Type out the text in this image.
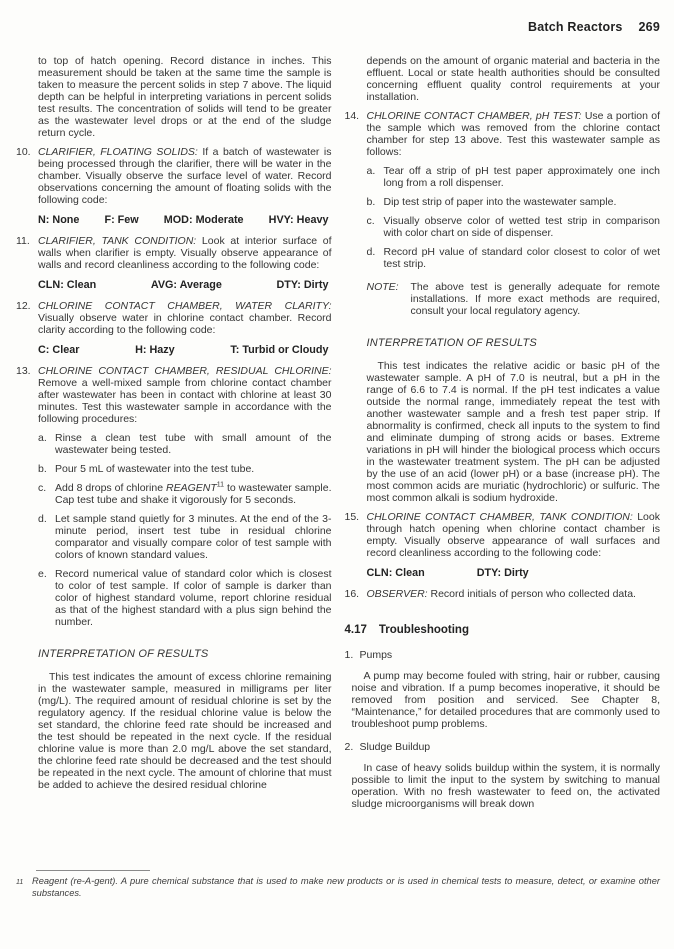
Batch Reactors 269
to top of hatch opening. Record distance in inches. This measurement should be taken at the same time the sample is taken to measure the percent solids in step 7 above. The liquid depth can be helpful in interpreting variations in percent solids test results. The concentration of solids will tend to be greater as the wastewater level drops or at the end of the sludge return cycle.
10. CLARIFIER, FLOATING SOLIDS: If a batch of wastewater is being processed through the clarifier, there will be water in the chamber. Visually observe the surface level of water. Record observations concerning the amount of floating solids with the following code:
N: None F: Few MOD: Moderate HVY: Heavy
11. CLARIFIER, TANK CONDITION: Look at interior surface of walls when clarifier is empty. Visually observe appearance of walls and record cleanliness according to the following code:
CLN: Clean	AVG: Average	DTY: Dirty
12. CHLORINE CONTACT CHAMBER, WATER CLARITY: Visually observe water in chlorine contact chamber. Record clarity according to the following code:
C: Clear	H: Hazy	T: Turbid or Cloudy
13. CHLORINE CONTACT CHAMBER, RESIDUAL CHLORINE: Remove a well-mixed sample from chlorine contact chamber after wastewater has been in contact with chlorine at least 30 minutes. Test this wastewater sample in accordance with the following procedures:
a. Rinse a clean test tube with small amount of the wastewater being tested.
b. Pour 5 mL of wastewater into the test tube.
c. Add 8 drops of chlorine REAGENT$^{11}$ to wastewater sample. Cap test tube and shake it vigorously for 5 seconds.
d. Let sample stand quietly for 3 minutes. At the end of the 3-minute period, insert test tube in residual chlorine comparator and visually compare color of test sample with colors of known standard values.
e. Record numerical value of standard color which is closest to color of test sample. If color of sample is darker than color of highest standard volume, report chlorine residual as that of the highest standard with a plus sign behind the number.
INTERPRETATION OF RESULTS
This test indicates the amount of excess chlorine remaining in the wastewater sample, measured in milligrams per liter (mg/L). The required amount of residual chlorine is set by the regulatory agency. If the residual chlorine value is below the set standard, the chlorine feed rate should be increased and the test should be repeated in the next cycle. If the residual chlorine value is more than 2.0 mg/L above the set standard, the chlorine feed rate should be decreased and the test should be repeated in the next cycle. The amount of chlorine that must be added to achieve the desired residual chlorine
depends on the amount of organic material and bacteria in the effluent. Local or state health authorities should be consulted concerning effluent quality control requirements at your installation.
14. CHLORINE CONTACT CHAMBER, pH TEST: Use a portion of the sample which was removed from the chlorine contact chamber for step 13 above. Test this wastewater sample as follows:
a. Tear off a strip of pH test paper approximately one inch long from a roll dispenser.
b. Dip test strip of paper into the wastewater sample.
c. Visually observe color of wetted test strip in comparison with color chart on side of dispenser.
d. Record pH value of standard color closest to color of wet test strip.
NOTE:	The above test is generally adequate for remote installations. If more exact methods are required, consult your local regulatory agency.
INTERPRETATION OF RESULTS
This test indicates the relative acidic or basic pH of the wastewater sample. A pH of 7.0 is neutral, but a pH in the range of 6.6 to 7.4 is normal. If the pH test indicates a value outside the normal range, immediately repeat the test with another wastewater sample and a fresh test paper strip. If abnormality is confirmed, check all inputs to the system to find and eliminate dumping of strong acids or bases. Extreme variations in pH will hinder the biological process which occurs in the wastewater treatment system. The pH can be adjusted by the use of an acid (lower pH) or a base (increase pH). The most common acids are muriatic (hydrochloric) or sulfuric. The most common alkali is sodium hydroxide.
15. CHLORINE CONTACT CHAMBER, TANK CONDITION: Look through hatch opening when chlorine contact chamber is empty. Visually observe appearance of wall surfaces and record cleanliness according to the following code:
CLN: Clean	DTY: Dirty
16. OBSERVER: Record initials of person who collected data.
4.17 Troubleshooting
1. Pumps
A pump may become fouled with string, hair or rubber, causing noise and vibration. If a pump becomes inoperative, it should be removed from position and serviced. See Chapter 8, “Maintenance,” for detailed procedures that are commonly used to troubleshoot pump problems.
2. Sludge Buildup
In case of heavy solids buildup within the system, it is normally possible to limit the input to the system by switching to manual operation. With no fresh wastewater to feed on, the activated sludge microorganisms will break down
11 Reagent (re-A-gent). A pure chemical substance that is used to make new products or is used in chemical tests to measure, detect, or examine other substances.
